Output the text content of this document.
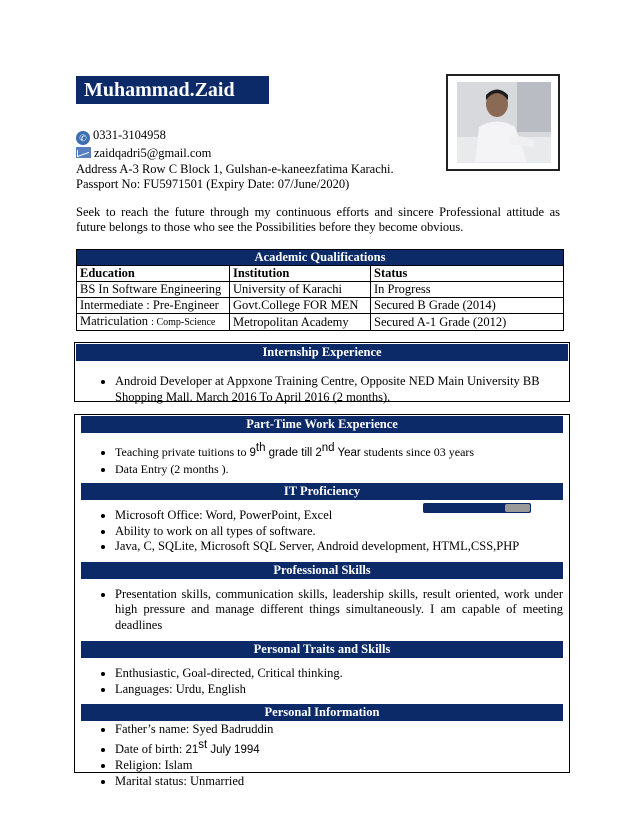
Muhammad.Zaid
✆ 0331-3104958
zaidqadri5@gmail.com
Address A-3 Row C Block 1, Gulshan-e-kaneezfatima Karachi.
Passport No: FU5971501 (Expiry Date: 07/June/2020)
Seek to reach the future through my continuous efforts and sincere Professional attitude as future belongs to those who see the Possibilities before they become obvious.
Academic Qualifications		
Education	Institution	Status
BS In Software Engineering	University of Karachi	In Progress
Intermediate : Pre-Engineer	Govt.College FOR MEN	Secured B Grade (2014)
Matriculation : Comp-Science	Metropolitan Academy	Secured A-1 Grade (2012)
Internship Experience
• Android Developer at Appxone Training Centre, Opposite NED Main University BB Shopping Mall. March 2016 To April 2016 (2 months).
Part-Time Work Experience
• Teaching private tuitions to 9th grade till 2nd Year students since 03 years
• Data Entry (2 months ).
IT Proficiency
• Microsoft Office: Word, PowerPoint, Excel
• Ability to work on all types of software.
• Java, C, SQLite, Microsoft SQL Server, Android development, HTML,CSS,PHP
Professional Skills
• Presentation skills, communication skills, leadership skills, result oriented, work under high pressure and manage different things simultaneously. I am capable of meeting deadlines
Personal Traits and Skills
• Enthusiastic, Goal-directed, Critical thinking.
• Languages: Urdu, English
Personal Information
• Father’s name: Syed Badruddin
• Date of birth: 21st July 1994
• Religion: Islam
• Marital status: Unmarried
